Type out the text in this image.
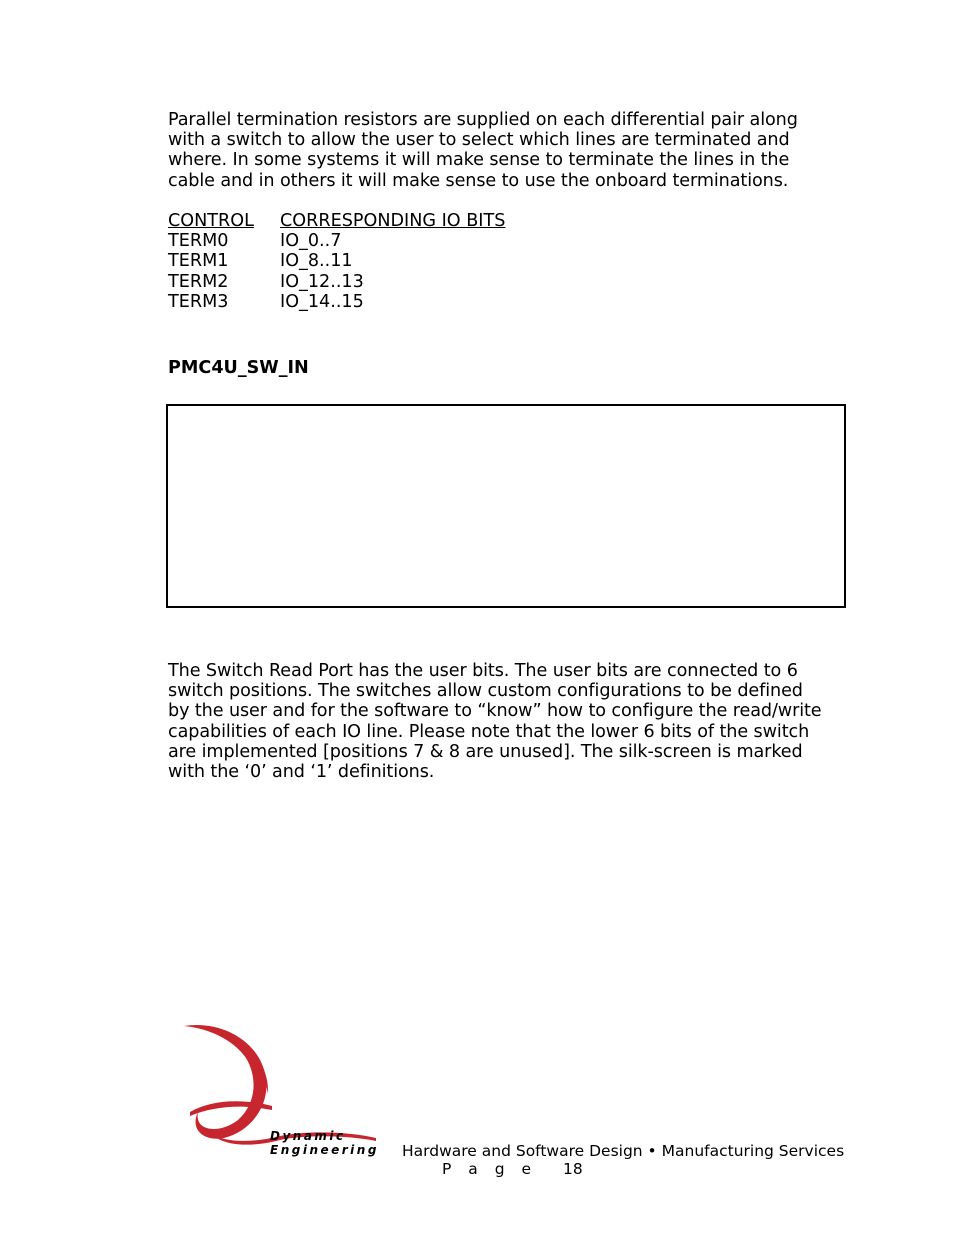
Parallel termination resistors are supplied on each differential pair along
with a switch to allow the user to select which lines are terminated and
where. In some systems it will make sense to terminate the lines in the
cable and in others it will make sense to use the onboard terminations.
CONTROL	CORRESPONDING IO BITS
TERM0	IO_0..7
TERM1	IO_8..11
TERM2	IO_12..13
TERM3	IO_14..15
PMC4U_SW_IN
The Switch Read Port has the user bits. The user bits are connected to 6
switch positions. The switches allow custom configurations to be defined
by the user and for the software to “know” how to configure the read/write
capabilities of each IO line. Please note that the lower 6 bits of the switch
are implemented [positions 7 & 8 are unused]. The silk-screen is marked
with the ‘0’ and ‘1’ definitions.
Dynamic
Engineering Hardware and Software Design • Manufacturing Services
P a g e 18
